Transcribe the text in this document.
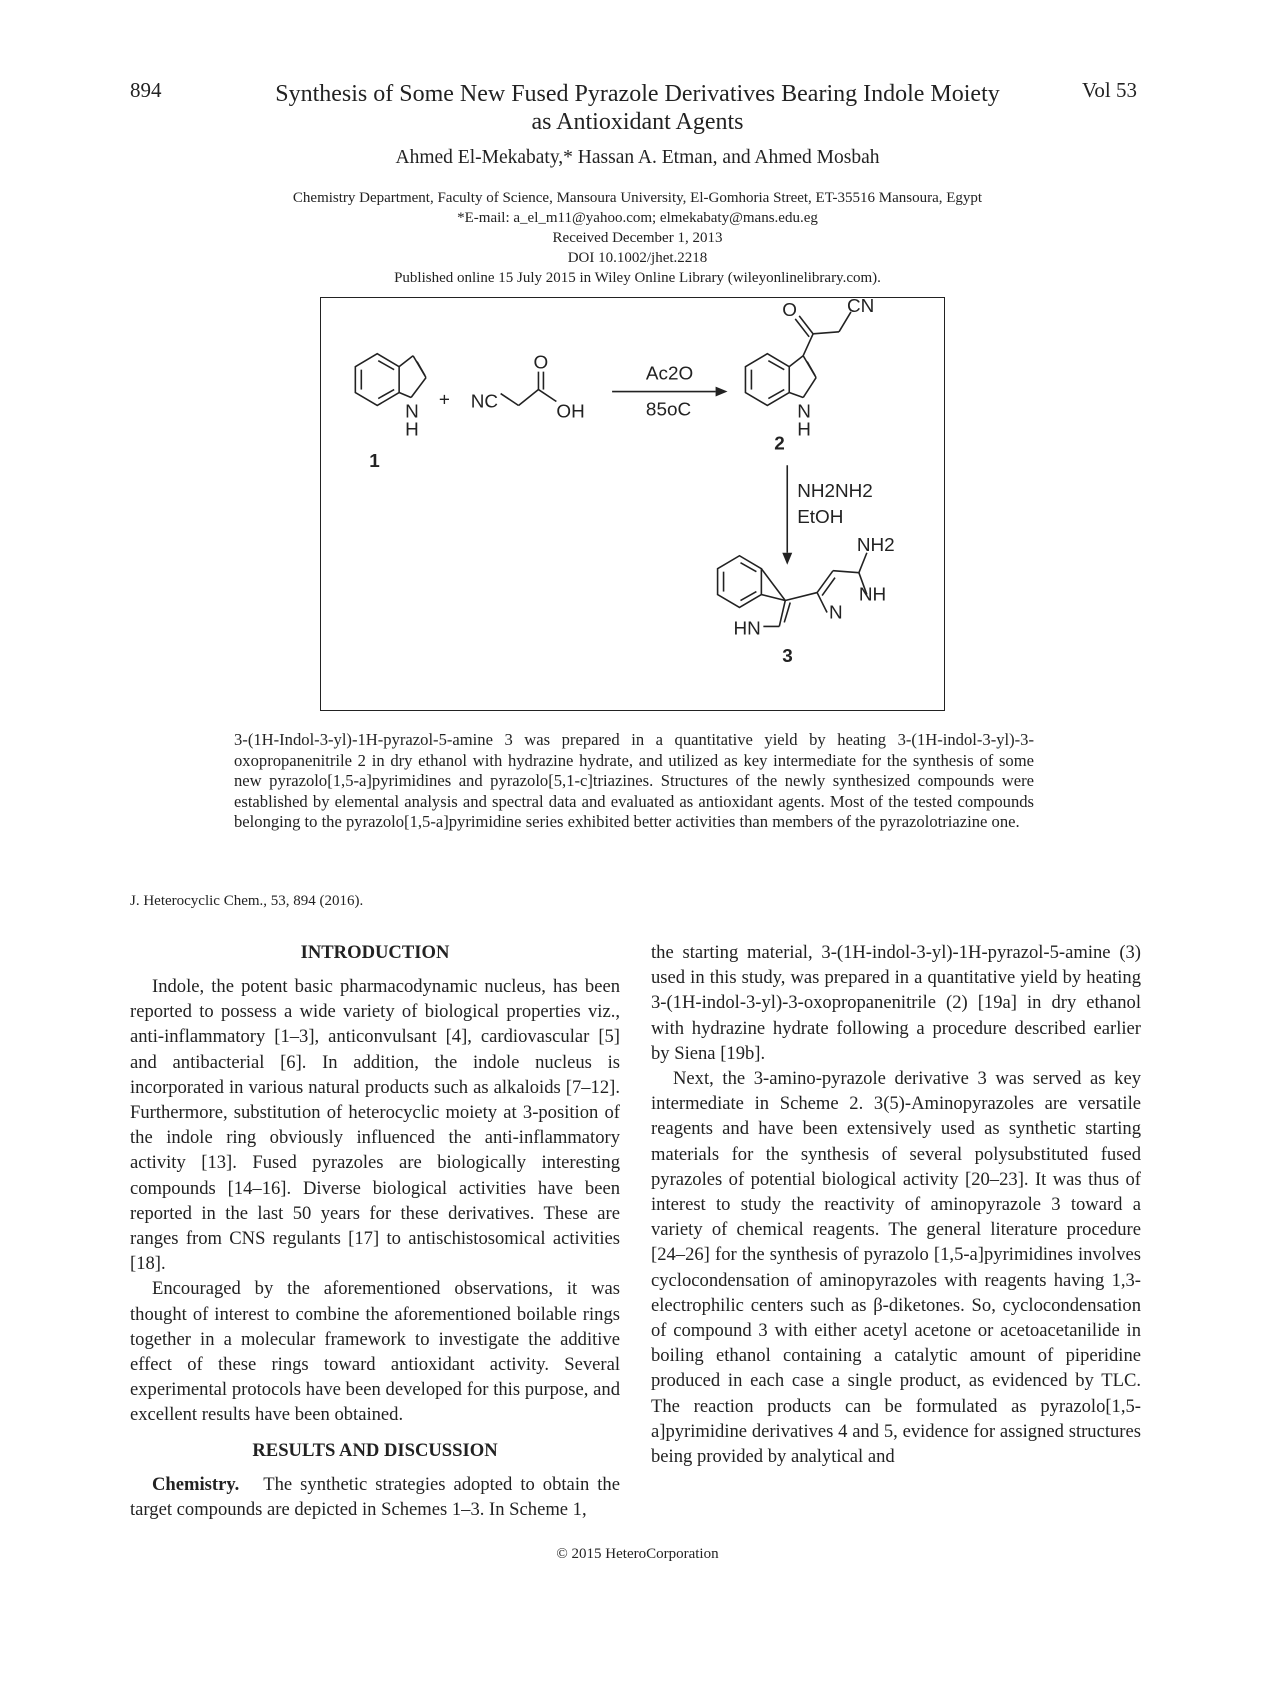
894	Vol 53
Synthesis of Some New Fused Pyrazole Derivatives Bearing Indole Moiety
as Antioxidant Agents
Ahmed El-Mekabaty,* Hassan A. Etman, and Ahmed Mosbah
Chemistry Department, Faculty of Science, Mansoura University, El-Gomhoria Street, ET-35516 Mansoura, Egypt
*E-mail: a_el_m11@yahoo.com; elmekabaty@mans.edu.eg
Received December 1, 2013
DOI 10.1002/jhet.2218
Published online 15 July 2015 in Wiley Online Library (wileyonlinelibrary.com).
N
H
1
+ NC
O
OH
Ac2O
85oC
O	CN
N
H
2
NH2NH2
EtOH
NH2
NH
N
HN
3
3-(1H-Indol-3-yl)-1H-pyrazol-5-amine 3 was prepared in a quantitative yield by heating 3-(1H-indol-3-yl)-3-oxopropanenitrile 2 in dry ethanol with hydrazine hydrate, and utilized as key intermediate for the synthesis of some new pyrazolo[1,5-a]pyrimidines and pyrazolo[5,1-c]triazines. Structures of the newly synthesized compounds were established by elemental analysis and spectral data and evaluated as antioxidant agents. Most of the tested compounds belonging to the pyrazolo[1,5-a]pyrimidine series exhibited better activities than members of the pyrazolotriazine one.
J. Heterocyclic Chem., 53, 894 (2016).
INTRODUCTION

Indole, the potent basic pharmacodynamic nucleus, has been reported to possess a wide variety of biological properties viz., anti-inflammatory [1–3], anticonvulsant [4], cardiovascular [5] and antibacterial [6]. In addition, the indole nucleus is incorporated in various natural products such as alkaloids [7–12]. Furthermore, substitution of heterocyclic moiety at 3-position of the indole ring obviously influenced the anti-inflammatory activity [13]. Fused pyrazoles are biologically interesting compounds [14–16]. Diverse biological activities have been reported in the last 50 years for these derivatives. These are ranges from CNS regulants [17] to antischistosomical activities [18].

Encouraged by the aforementioned observations, it was thought of interest to combine the aforementioned boilable rings together in a molecular framework to investigate the additive effect of these rings toward antioxidant activity. Several experimental protocols have been developed for this purpose, and excellent results have been obtained.

RESULTS AND DISCUSSION

Chemistry. The synthetic strategies adopted to obtain the target compounds are depicted in Schemes 1–3. In Scheme 1,

the starting material, 3-(1H-indol-3-yl)-1H-pyrazol-5-amine (3) used in this study, was prepared in a quantitative yield by heating 3-(1H-indol-3-yl)-3-oxopropanenitrile (2) [19a] in dry ethanol with hydrazine hydrate following a procedure described earlier by Siena [19b].

Next, the 3-amino-pyrazole derivative 3 was served as key intermediate in Scheme 2. 3(5)-Aminopyrazoles are versatile reagents and have been extensively used as synthetic starting materials for the synthesis of several polysubstituted fused pyrazoles of potential biological activity [20–23]. It was thus of interest to study the reactivity of aminopyrazole 3 toward a variety of chemical reagents. The general literature procedure [24–26] for the synthesis of pyrazolo [1,5-a]pyrimidines involves cyclocondensation of aminopyrazoles with reagents having 1,3-electrophilic centers such as β-diketones. So, cyclocondensation of compound 3 with either acetyl acetone or acetoacetanilide in boiling ethanol containing a catalytic amount of piperidine produced in each case a single product, as evidenced by TLC. The reaction products can be formulated as pyrazolo[1,5-a]pyrimidine derivatives 4 and 5, evidence for assigned structures being provided by analytical and

© 2015 HeteroCorporation
